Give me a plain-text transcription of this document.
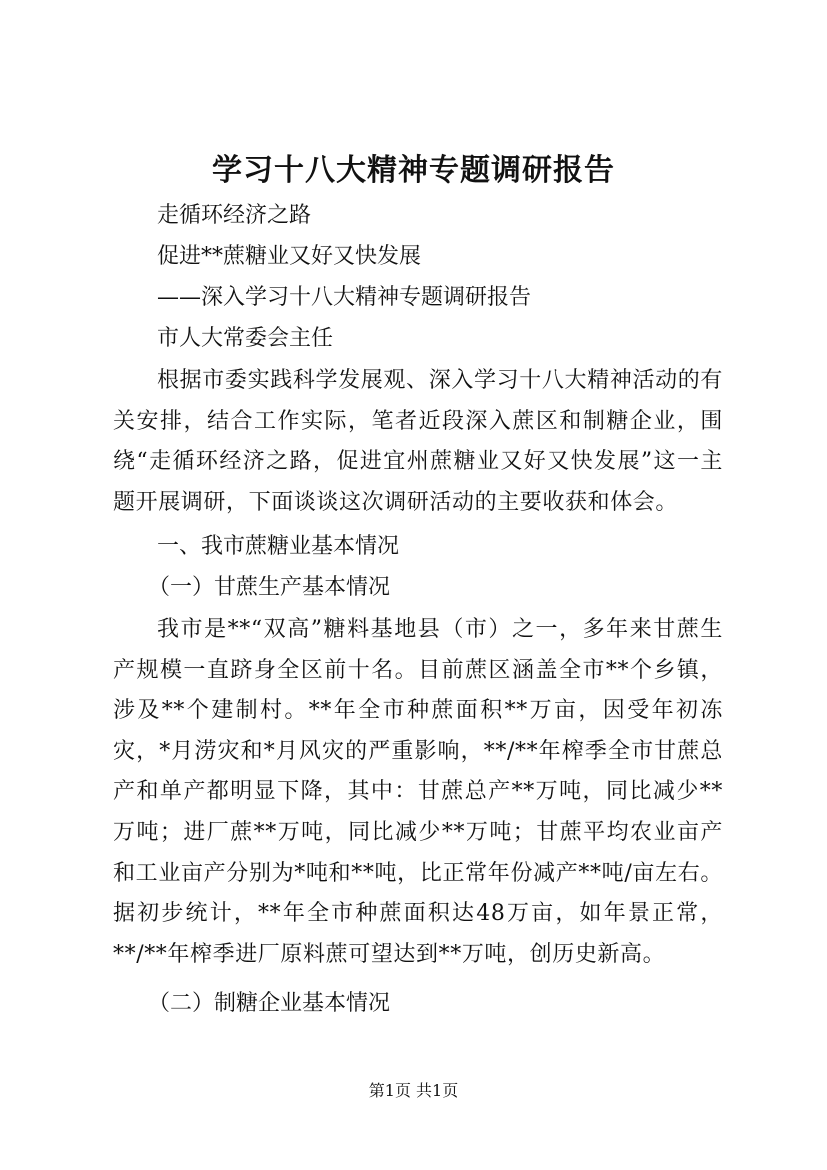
学习十八大精神专题调研报告
走循环经济之路
促进**蔗糖业又好又快发展
——深入学习十八大精神专题调研报告
市人大常委会主任

根据市委实践科学发展观、深入学习十八大精神活动的有关安排，结合工作实际，笔者近段深入蔗区和制糖企业，围绕“走循环经济之路，促进宜州蔗糖业又好又快发展”这一主题开展调研，下面谈谈这次调研活动的主要收获和体会。

一、我市蔗糖业基本情况
（一）甘蔗生产基本情况

我市是**“双高”糖料基地县（市）之一，多年来甘蔗生产规模一直跻身全区前十名。目前蔗区涵盖全市**个乡镇，涉及**个建制村。**年全市种蔗面积**万亩，因受年初冻灾，*月涝灾和*月风灾的严重影响，**/**年榨季全市甘蔗总产和单产都明显下降，其中：甘蔗总产**万吨，同比减少**万吨；进厂蔗**万吨，同比减少**万吨；甘蔗平均农业亩产和工业亩产分别为*吨和**吨，比正常年份减产**吨/亩左右。据初步统计，**年全市种蔗面积达48万亩，如年景正常，**/**年榨季进厂原料蔗可望达到**万吨，创历史新高。

（二）制糖企业基本情况
第1页 共1页
